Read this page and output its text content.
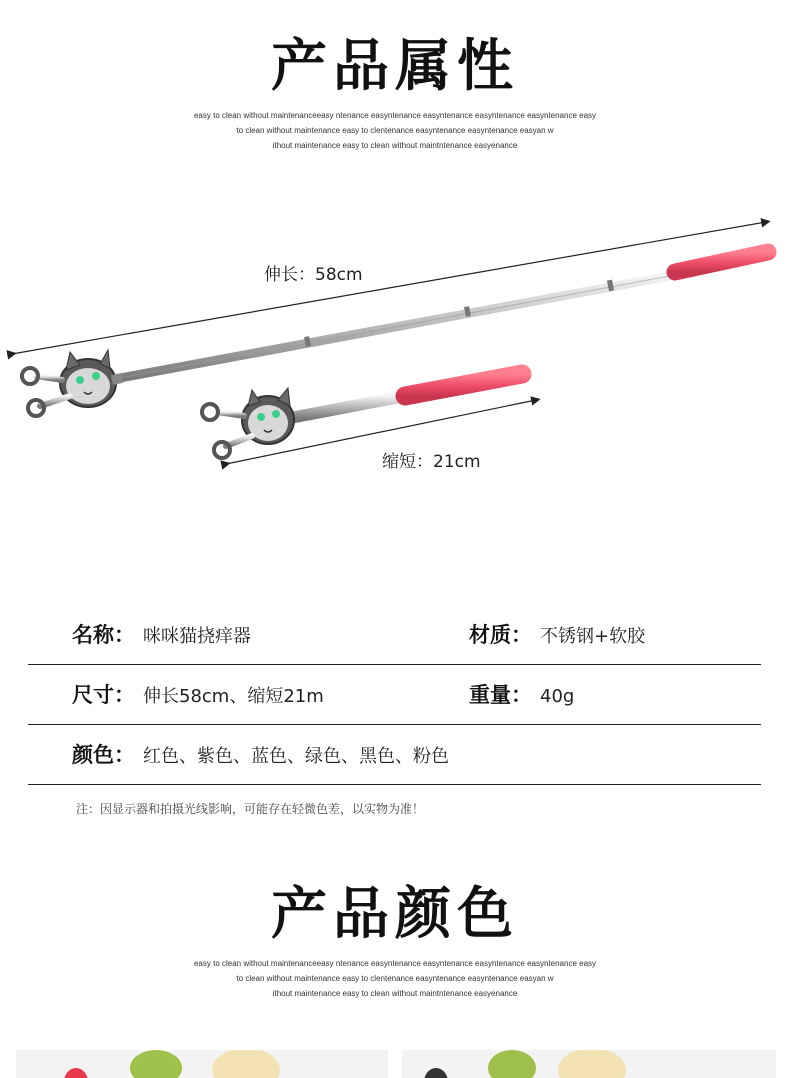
产品属性
easy to clean without maintenanceeasy ntenance easyntenance easyntenance easyntenance easyntenance easy
to clean without maintenance easy to clentenance easyntenance easyntenance easyan w
ithout maintenance easy to clean without maintntenance easyenance
伸长：58cm
缩短：21cm
名称： 咪咪猫挠痒器	材质： 不锈钢+软胶
尺寸： 伸长58cm、缩短21m	重量： 40g
颜色： 红色、紫色、蓝色、绿色、黑色、粉色
注：因显示器和拍摄光线影响，可能存在轻微色差，以实物为准！
产品颜色
easy to clean without maintenanceeasy ntenance easyntenance easyntenance easyntenance easyntenance easy
to clean without maintenance easy to clentenance easyntenance easyntenance easyan w
ithout maintenance easy to clean without maintntenance easyenance
